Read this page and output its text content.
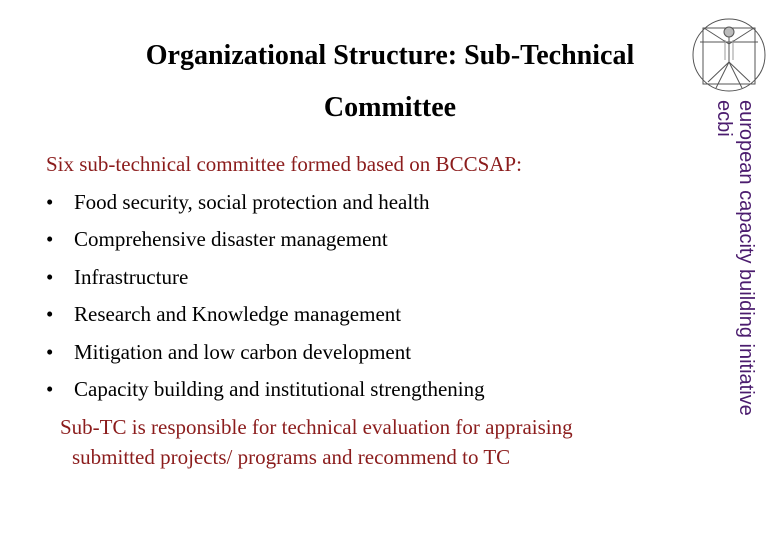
Organizational Structure: Sub-Technical
Committee

Six sub-technical committee formed based on BCCSAP:

• Food security, social protection and health
• Comprehensive disaster management
• Infrastructure
• Research and Knowledge management
• Mitigation and low carbon development
• Capacity building and institutional strengthening

Sub-TC is responsible for technical evaluation for appraising
submitted projects/ programs and recommend to TC

european capacity building initiative
ecbi
